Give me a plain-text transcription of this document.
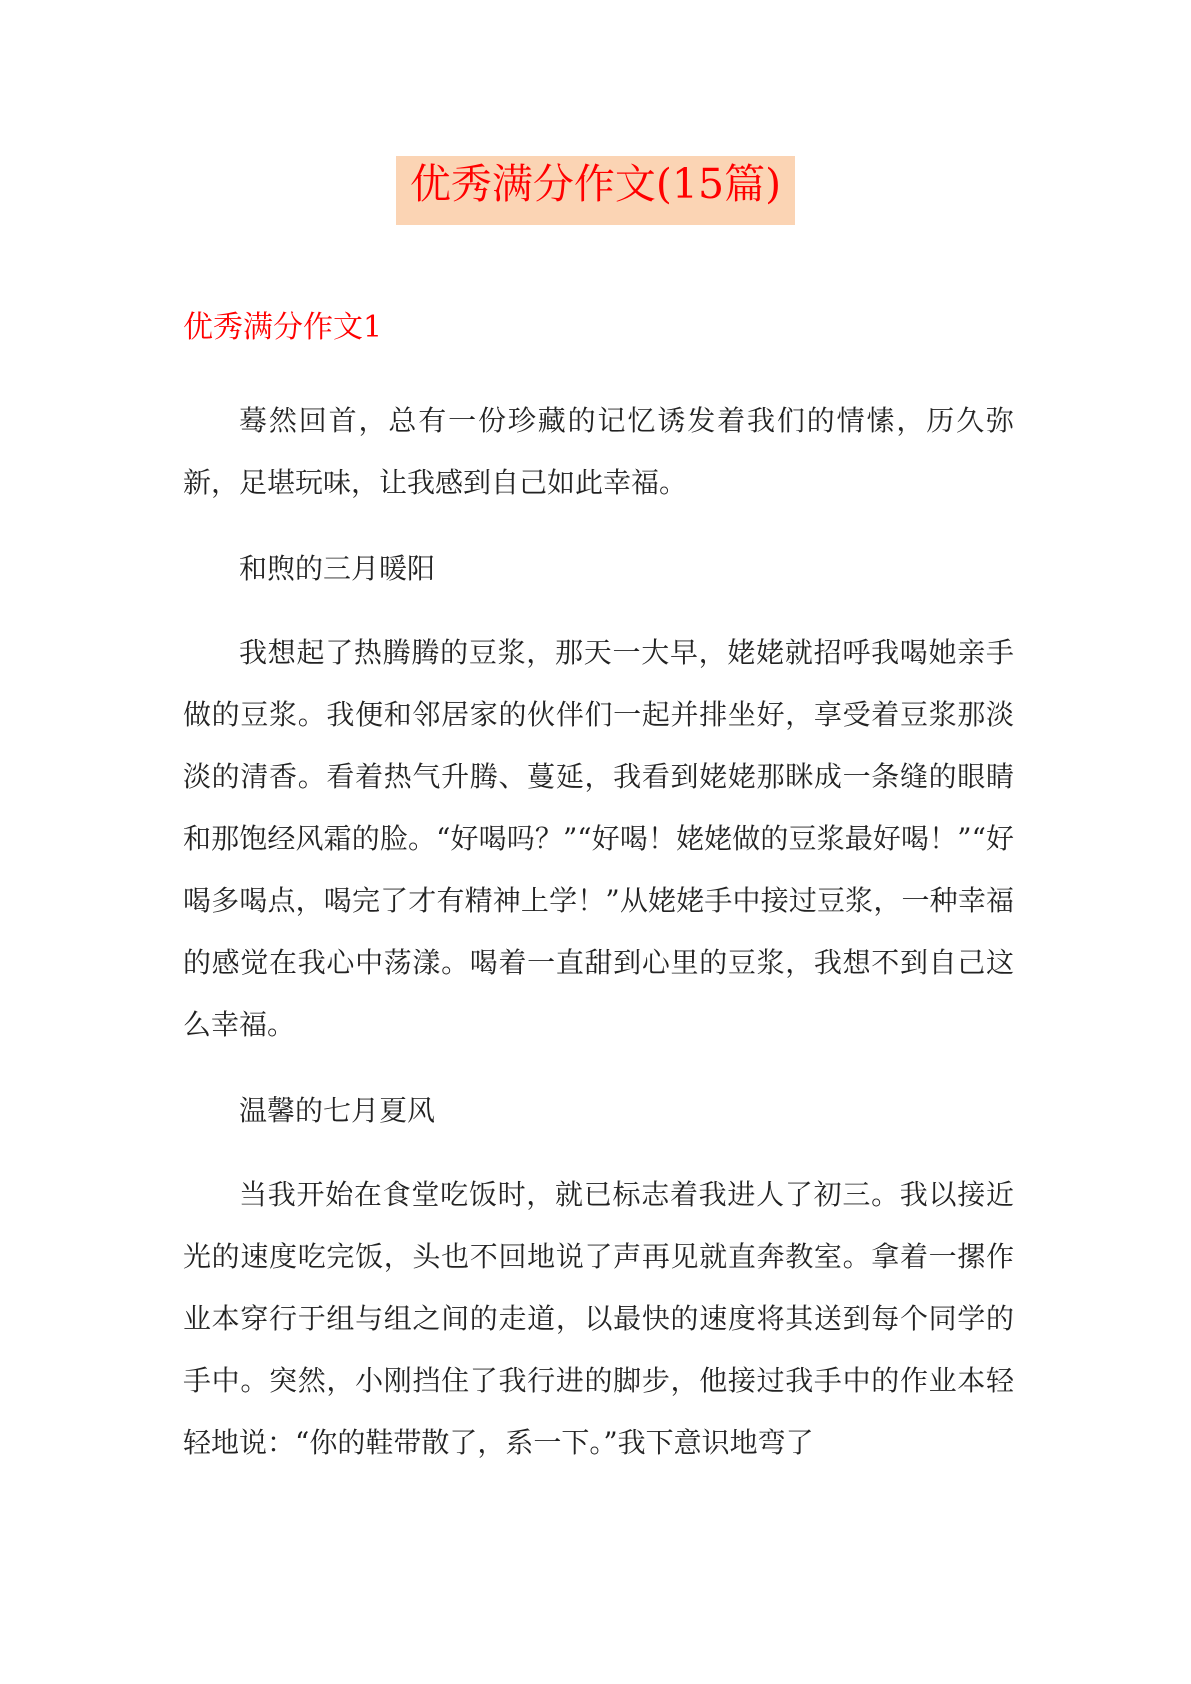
优秀满分作文(15篇)
优秀满分作文1

蓦然回首，总有一份珍藏的记忆诱发着我们的情愫，历久弥新，足堪玩味，让我感到自己如此幸福。

和煦的三月暖阳

我想起了热腾腾的豆浆，那天一大早，姥姥就招呼我喝她亲手做的豆浆。我便和邻居家的伙伴们一起并排坐好，享受着豆浆那淡淡的清香。看着热气升腾、蔓延，我看到姥姥那眯成一条缝的眼睛和那饱经风霜的脸。“好喝吗？”“好喝！姥姥做的豆浆最好喝！”“好喝多喝点，喝完了才有精神上学！”从姥姥手中接过豆浆，一种幸福的感觉在我心中荡漾。喝着一直甜到心里的豆浆，我想不到自己这么幸福。

温馨的七月夏风

当我开始在食堂吃饭时，就已标志着我进人了初三。我以接近光的速度吃完饭，头也不回地说了声再见就直奔教室。拿着一摞作业本穿行于组与组之间的走道，以最快的速度将其送到每个同学的手中。突然，小刚挡住了我行进的脚步，他接过我手中的作业本轻轻地说：“你的鞋带散了，系一下。”我下意识地弯了
